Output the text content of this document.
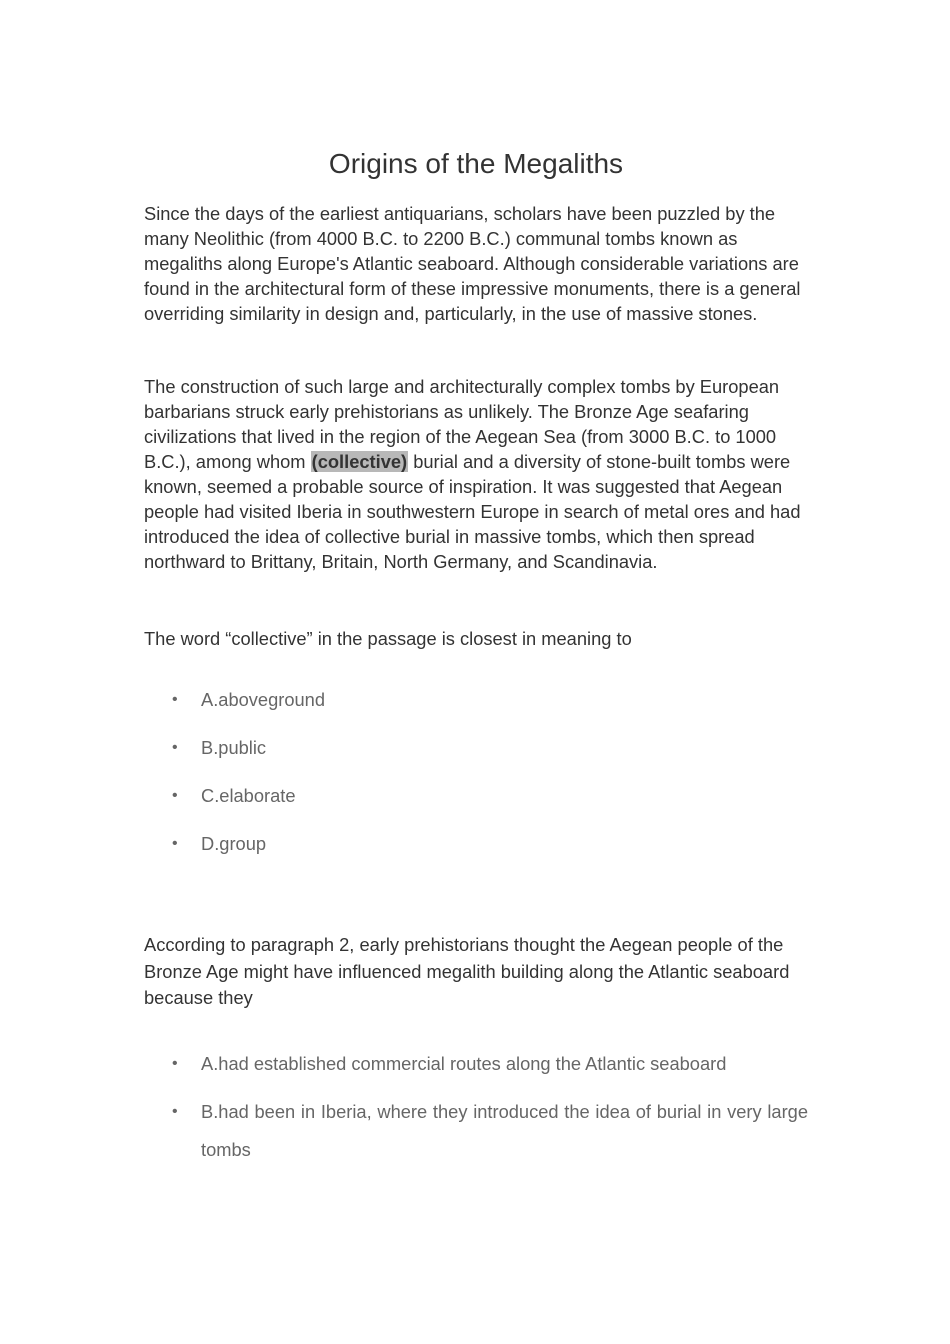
Origins of the Megaliths

Since the days of the earliest antiquarians, scholars have been puzzled by the many Neolithic (from 4000 B.C. to 2200 B.C.) communal tombs known as megaliths along Europe's Atlantic seaboard. Although considerable variations are found in the architectural form of these impressive monuments, there is a general overriding similarity in design and, particularly, in the use of massive stones.

The construction of such large and architecturally complex tombs by European barbarians struck early prehistorians as unlikely. The Bronze Age seafaring civilizations that lived in the region of the Aegean Sea (from 3000 B.C. to 1000 B.C.), among whom (collective) burial and a diversity of stone-built tombs were known, seemed a probable source of inspiration. It was suggested that Aegean people had visited Iberia in southwestern Europe in search of metal ores and had introduced the idea of collective burial in massive tombs, which then spread northward to Brittany, Britain, North Germany, and Scandinavia.

The word “collective” in the passage is closest in meaning to

• A.aboveground
• B.public
• C.elaborate
• D.group

According to paragraph 2, early prehistorians thought the Aegean people of the Bronze Age might have influenced megalith building along the Atlantic seaboard because they

• A.had established commercial routes along the Atlantic seaboard
• B.had been in Iberia, where they introduced the idea of burial in very large tombs
